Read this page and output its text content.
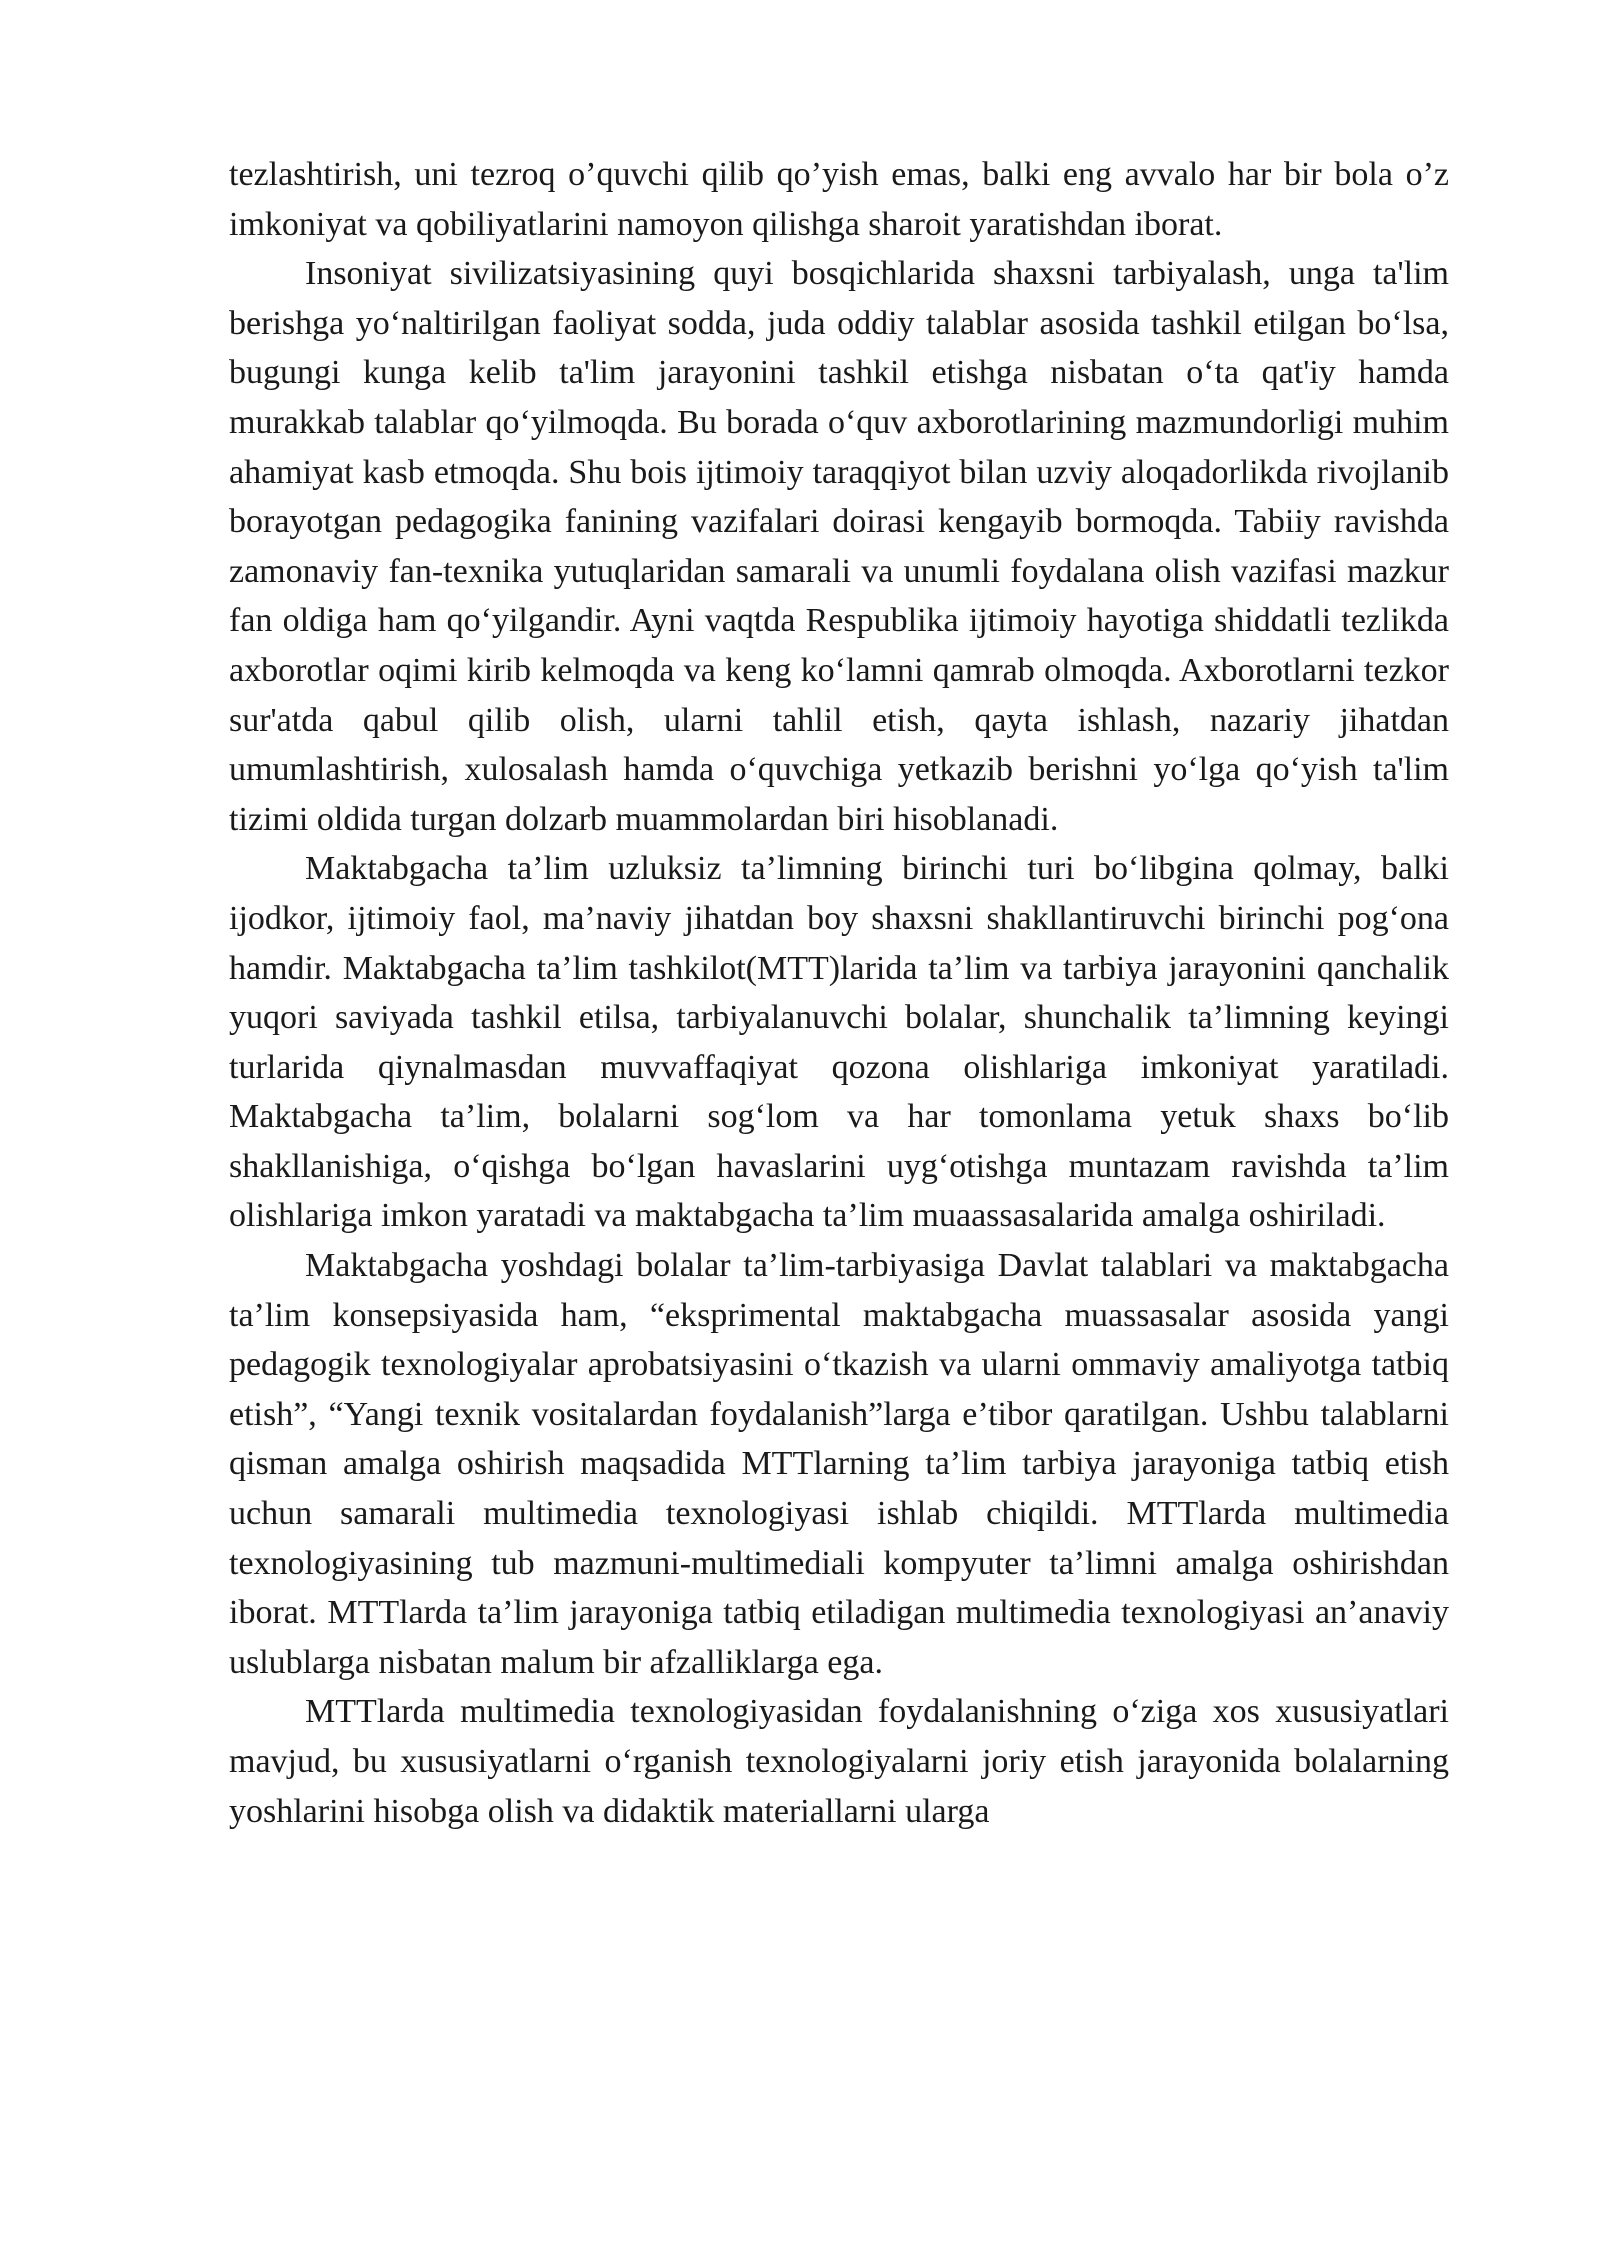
tezlashtirish, uni tezroq o’quvchi qilib qo’yish emas, balki eng avvalo har bir bola o’z imkoniyat va qobiliyatlarini namoyon qilishga sharoit yaratishdan iborat.

Insoniyat sivilizatsiyasining quyi bosqichlarida shaxsni tarbiyalash, unga ta'lim berishga yo‘naltirilgan faoliyat sodda, juda oddiy talablar asosida tashkil etilgan bo‘lsa, bugungi kunga kelib ta'lim jarayonini tashkil etishga nisbatan o‘ta qat'iy hamda murakkab talablar qo‘yilmoqda. Bu borada o‘quv axborotlarining mazmundorligi muhim ahamiyat kasb etmoqda. Shu bois ijtimoiy taraqqiyot bilan uzviy aloqadorlikda rivojlanib borayotgan pedagogika fanining vazifalari doirasi kengayib bormoqda. Tabiiy ravishda zamonaviy fan-texnika yutuqlaridan samarali va unumli foydalana olish vazifasi mazkur fan oldiga ham qo‘yilgandir. Ayni vaqtda Respublika ijtimoiy hayotiga shiddatli tezlikda axborotlar oqimi kirib kelmoqda va keng ko‘lamni qamrab olmoqda. Axborotlarni tezkor sur'atda qabul qilib olish, ularni tahlil etish, qayta ishlash, nazariy jihatdan umumlashtirish, xulosalash hamda o‘quvchiga yetkazib berishni yo‘lga qo‘yish ta'lim tizimi oldida turgan dolzarb muammolardan biri hisoblanadi.

Maktabgacha ta’lim uzluksiz ta’limning birinchi turi bo‘libgina qolmay, balki ijodkor, ijtimoiy faol, ma’naviy jihatdan boy shaxsni shakllantiruvchi birinchi pog‘ona hamdir. Maktabgacha ta’lim tashkilot(MTT)larida ta’lim va tarbiya jarayonini qanchalik yuqori saviyada tashkil etilsa, tarbiyalanuvchi bolalar, shunchalik ta’limning keyingi turlarida qiynalmasdan muvvaffaqiyat qozona olishlariga imkoniyat yaratiladi. Maktabgacha ta’lim, bolalarni sog‘lom va har tomonlama yetuk shaxs bo‘lib shakllanishiga, o‘qishga bo‘lgan havaslarini uyg‘otishga muntazam ravishda ta’lim olishlariga imkon yaratadi va maktabgacha ta’lim muaassasalarida amalga oshiriladi.

Maktabgacha yoshdagi bolalar ta’lim-tarbiyasiga Davlat talablari va maktabgacha ta’lim konsepsiyasida ham, “eksprimental maktabgacha muassasalar asosida yangi pedagogik texnologiyalar aprobatsiyasini o‘tkazish va ularni ommaviy amaliyotga tatbiq etish”, “Yangi texnik vositalardan foydalanish”larga e’tibor qaratilgan. Ushbu talablarni qisman amalga oshirish maqsadida MTTlarning ta’lim tarbiya jarayoniga tatbiq etish uchun samarali multimedia texnologiyasi ishlab chiqildi. MTTlarda multimedia texnologiyasining tub mazmuni-multimediali kompyuter ta’limni amalga oshirishdan iborat. MTTlarda ta’lim jarayoniga tatbiq etiladigan multimedia texnologiyasi an’anaviy uslublarga nisbatan malum bir afzalliklarga ega.

MTTlarda multimedia texnologiyasidan foydalanishning o‘ziga xos xususiyatlari mavjud, bu xususiyatlarni o‘rganish texnologiyalarni joriy etish jarayonida bolalarning yoshlarini hisobga olish va didaktik materiallarni ularga
